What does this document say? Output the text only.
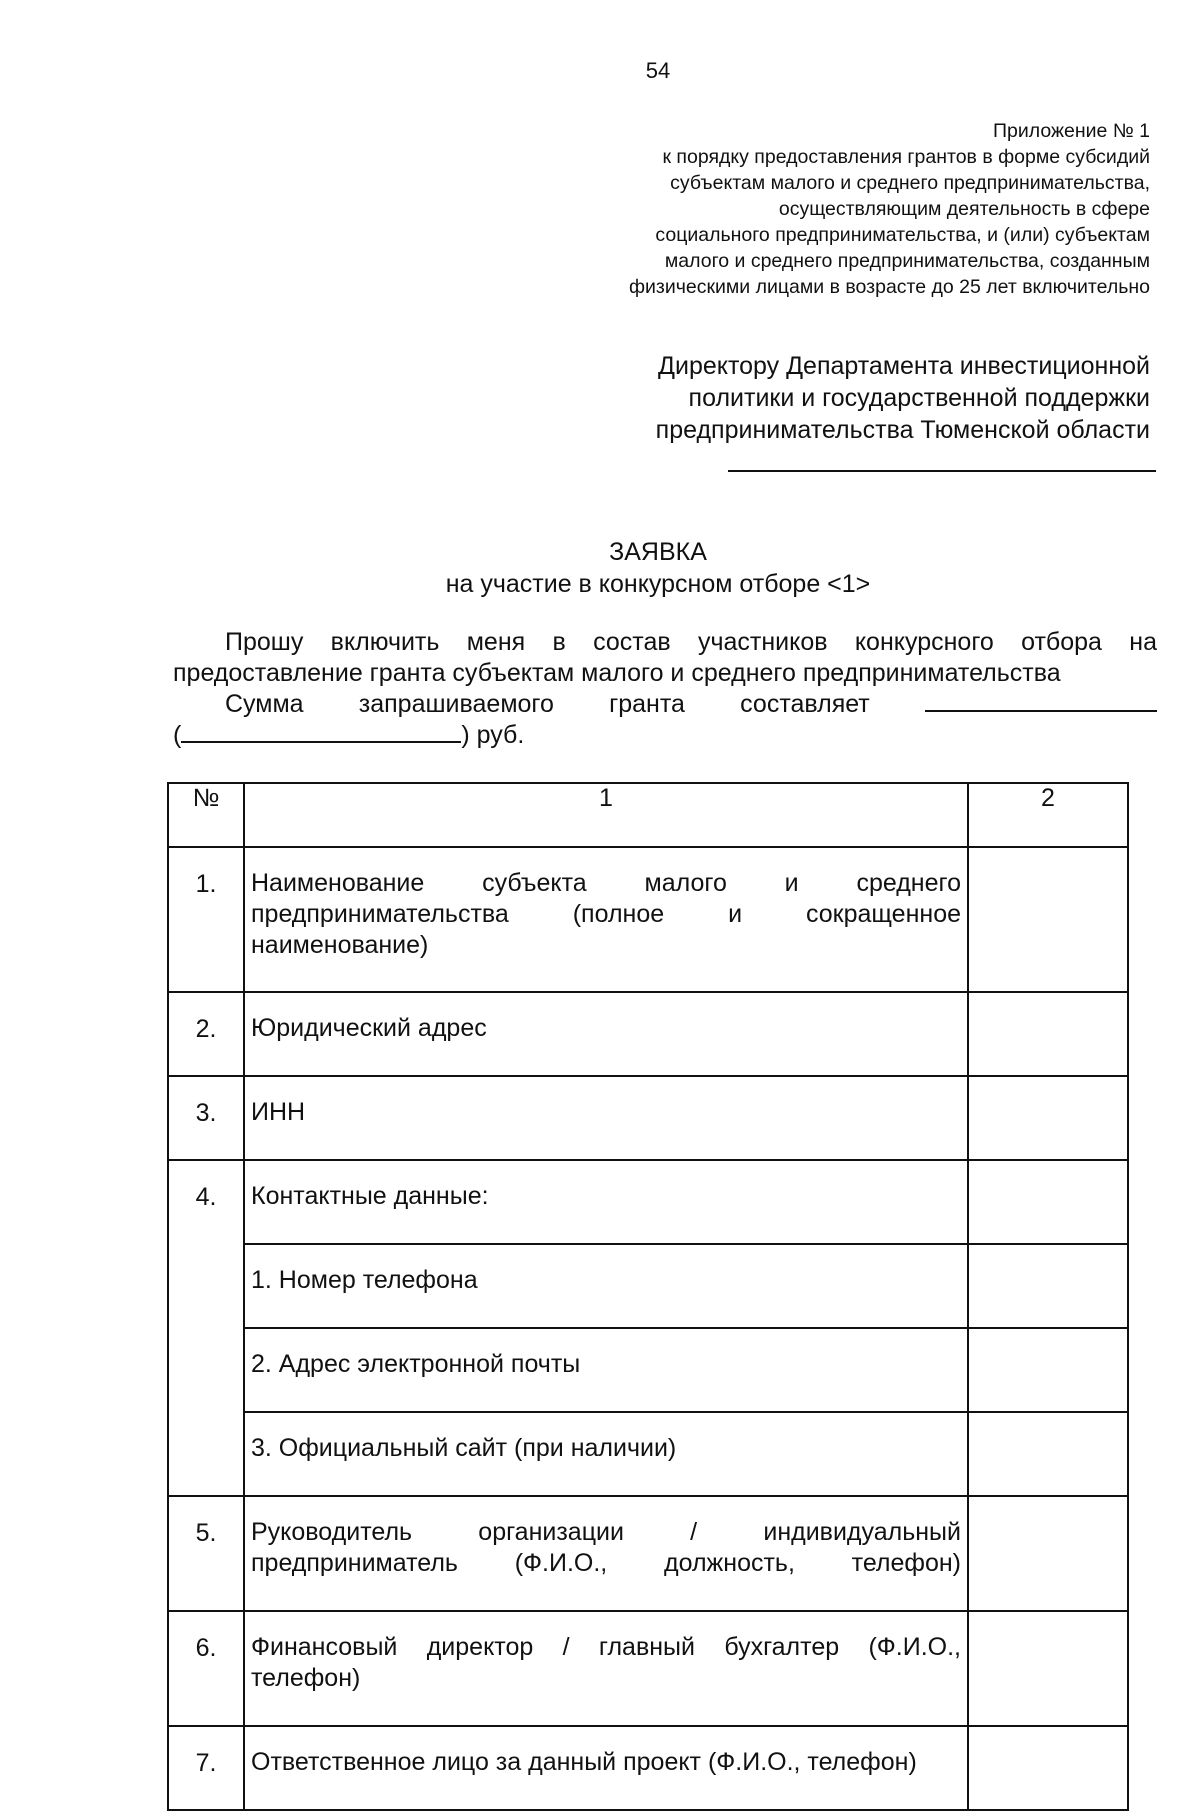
54
Приложение № 1
к порядку предоставления грантов в форме субсидий
субъектам малого и среднего предпринимательства,
осуществляющим деятельность в сфере
социального предпринимательства, и (или) субъектам
малого и среднего предпринимательства, созданным
физическими лицами в возрасте до 25 лет включительно
Директору Департамента инвестиционной
политики и государственной поддержки
предпринимательства Тюменской области
ЗАЯВКА
на участие в конкурсном отборе <1>
Прошу включить меня в состав участников конкурсного отбора на
предоставление гранта субъектам малого и среднего предпринимательства
Сумма запрашиваемого гранта составляет
(	) руб.
№	1	2

1.	Наименование субъекта малого и среднего предпринимательства (полное и сокращенное наименование)	

2.	Юридический адрес	

3.	ИНН	

4.	Контактные данные:	
	1. Номер телефона	
	2. Адрес электронной почты	
	3. Официальный сайт (при наличии)	

5.	Руководитель организации / индивидуальный предприниматель (Ф.И.О., должность, телефон)	

6.	Финансовый директор / главный бухгалтер (Ф.И.О., телефон)	

7.	Ответственное лицо за данный проект (Ф.И.О., телефон)	
